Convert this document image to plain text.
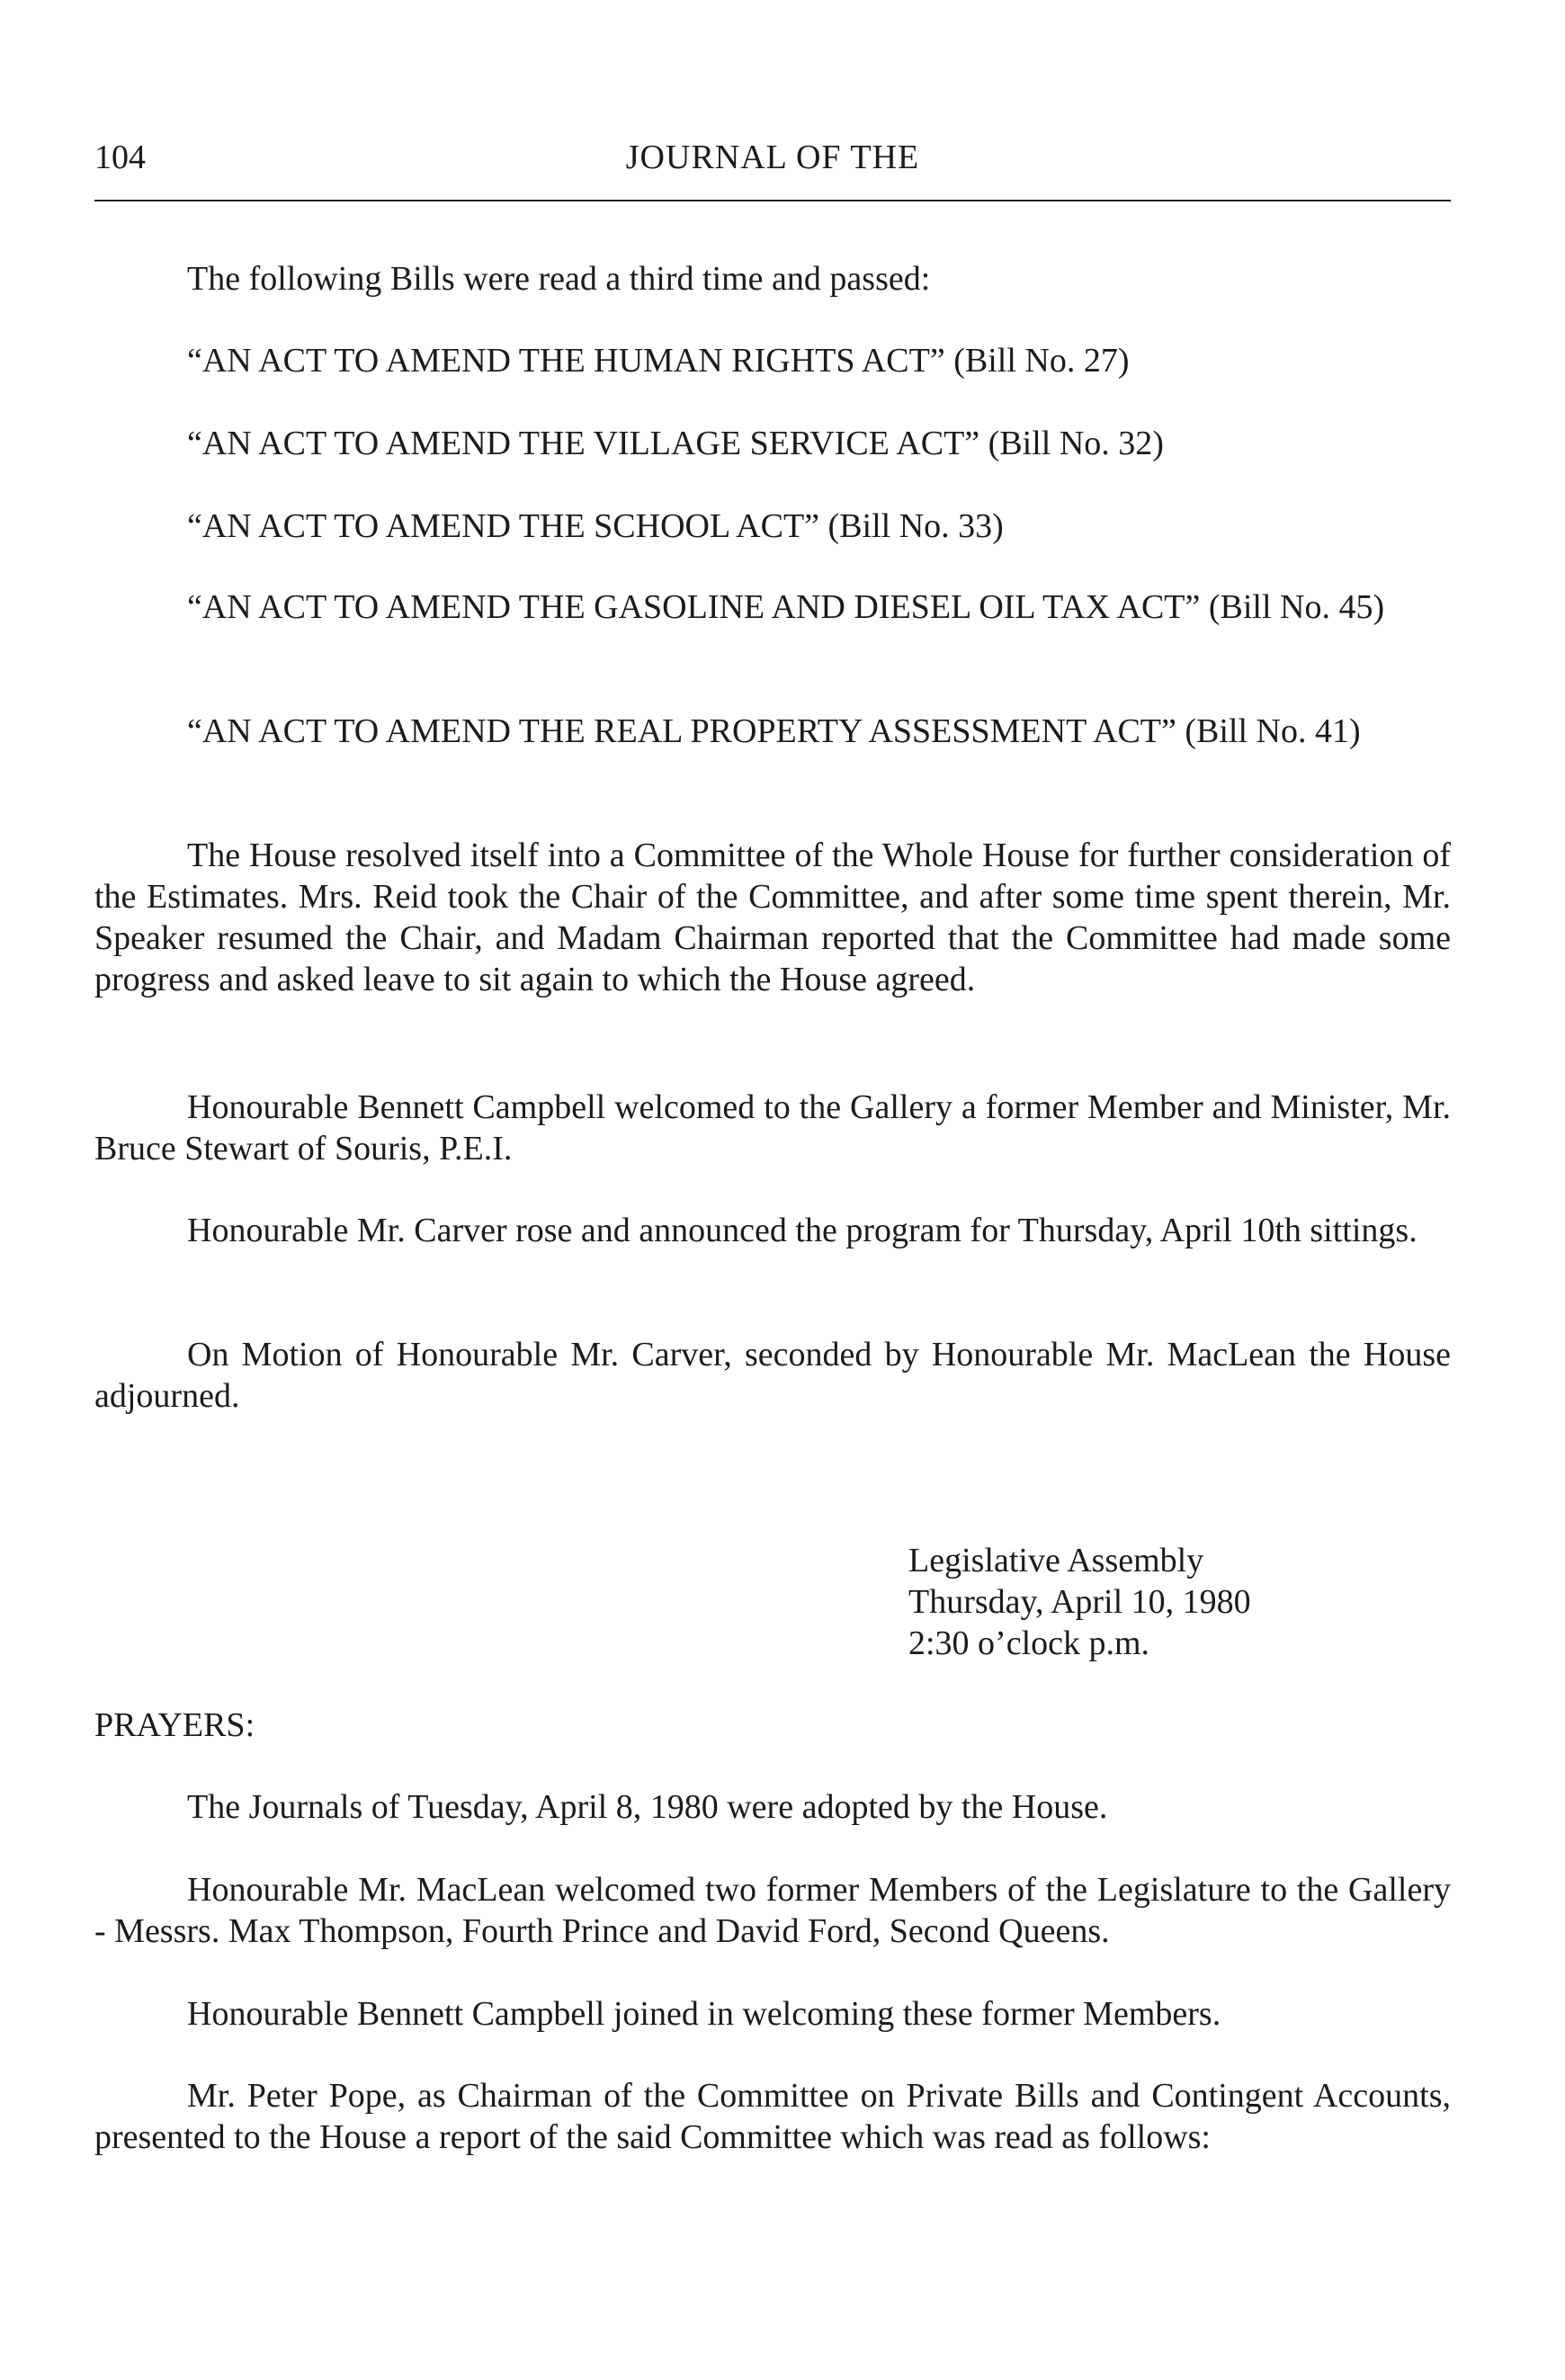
104	JOURNAL OF THE

The following Bills were read a third time and passed:

“AN ACT TO AMEND THE HUMAN RIGHTS ACT” (Bill No. 27)

“AN ACT TO AMEND THE VILLAGE SERVICE ACT” (Bill No. 32)

“AN ACT TO AMEND THE SCHOOL ACT” (Bill No. 33)

“AN ACT TO AMEND THE GASOLINE AND DIESEL OIL TAX ACT” (Bill No. 45)

“AN ACT TO AMEND THE REAL PROPERTY ASSESSMENT ACT” (Bill No. 41)

The House resolved itself into a Committee of the Whole House for further consideration of the Estimates. Mrs. Reid took the Chair of the Committee, and after some time spent therein, Mr. Speaker resumed the Chair, and Madam Chairman reported that the Committee had made some progress and asked leave to sit again to which the House agreed.

Honourable Bennett Campbell welcomed to the Gallery a former Member and Minister, Mr. Bruce Stewart of Souris, P.E.I.

Honourable Mr. Carver rose and announced the program for Thursday, April 10th sittings.

On Motion of Honourable Mr. Carver, seconded by Honourable Mr. MacLean the House adjourned.

Legislative Assembly
Thursday, April 10, 1980
2:30 o’clock p.m.

PRAYERS:

The Journals of Tuesday, April 8, 1980 were adopted by the House.

Honourable Mr. MacLean welcomed two former Members of the Legislature to the Gallery - Messrs. Max Thompson, Fourth Prince and David Ford, Second Queens.

Honourable Bennett Campbell joined in welcoming these former Members.

Mr. Peter Pope, as Chairman of the Committee on Private Bills and Contingent Accounts, presented to the House a report of the said Committee which was read as follows:
